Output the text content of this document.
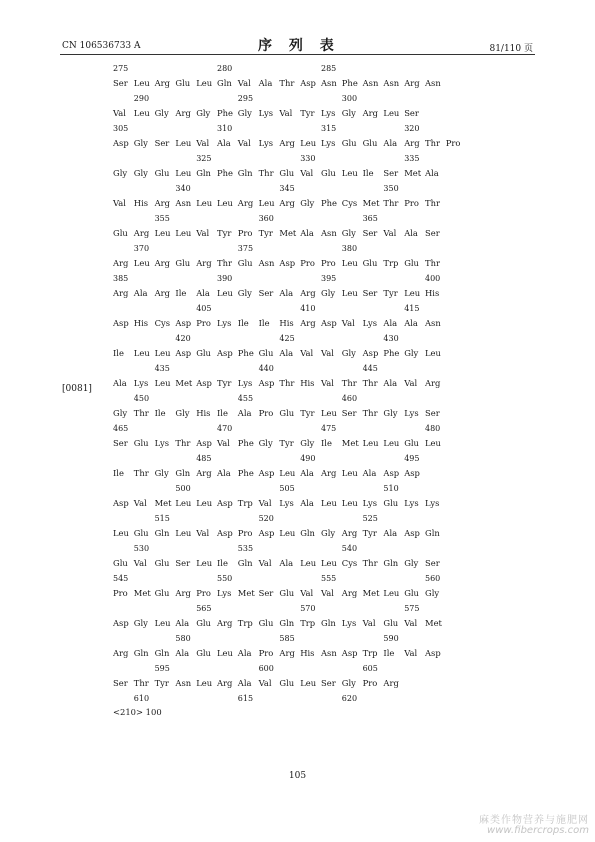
CN 106536733 A	序 列 表	81/110 页
[0081]
275	280	285
Ser Leu Arg Glu Leu Gln Val Ala Thr Asp Asn Phe Asn Asn Arg Asn
290	295	300
Val Leu Gly Arg Gly Phe Gly Lys Val Tyr Lys Gly Arg Leu Ser
305	310	315	320
Asp Gly Ser Leu Val Ala Val Lys Arg Leu Lys Glu Glu Ala Arg Thr Pro
325	330	335
Gly Gly Glu Leu Gln Phe Gln Thr Glu Val Glu Leu Ile Ser Met Ala
340	345	350
Val His Arg Asn Leu Leu Arg Leu Arg Gly Phe Cys Met Thr Pro Thr
355	360	365
Glu Arg Leu Leu Val Tyr Pro Tyr Met Ala Asn Gly Ser Val Ala Ser
370	375	380
Arg Leu Arg Glu Arg Thr Glu Asn Asp Pro Pro Leu Glu Trp Glu Thr
385	390	395	400
Arg Ala Arg Ile Ala Leu Gly Ser Ala Arg Gly Leu Ser Tyr Leu His
405	410	415
Asp His Cys Asp Pro Lys Ile Ile His Arg Asp Val Lys Ala Ala Asn
420	425	430
Ile Leu Leu Asp Glu Asp Phe Glu Ala Val Val Gly Asp Phe Gly Leu
435	440	445
Ala Lys Leu Met Asp Tyr Lys Asp Thr His Val Thr Thr Ala Val Arg
450	455	460
Gly Thr Ile Gly His Ile Ala Pro Glu Tyr Leu Ser Thr Gly Lys Ser
465	470	475	480
Ser Glu Lys Thr Asp Val Phe Gly Tyr Gly Ile Met Leu Leu Glu Leu
485	490	495
Ile Thr Gly Gln Arg Ala Phe Asp Leu Ala Arg Leu Ala Asp Asp
500	505	510
Asp Val Met Leu Leu Asp Trp Val Lys Ala Leu Leu Lys Glu Lys Lys
515	520	525
Leu Glu Gln Leu Val Asp Pro Asp Leu Gln Gly Arg Tyr Ala Asp Gln
530	535	540
Glu Val Glu Ser Leu Ile Gln Val Ala Leu Leu Cys Thr Gln Gly Ser
545	550	555	560
Pro Met Glu Arg Pro Lys Met Ser Glu Val Val Arg Met Leu Glu Gly
565	570	575
Asp Gly Leu Ala Glu Arg Trp Glu Gln Trp Gln Lys Val Glu Val Met
580	585	590
Arg Gln Gln Ala Glu Leu Ala Pro Arg His Asn Asp Trp Ile Val Asp
595	600	605
Ser Thr Tyr Asn Leu Arg Ala Val Glu Leu Ser Gly Pro Arg
610	615	620
<210> 100
105
麻类作物营养与施肥网
www.fibercrops.com
